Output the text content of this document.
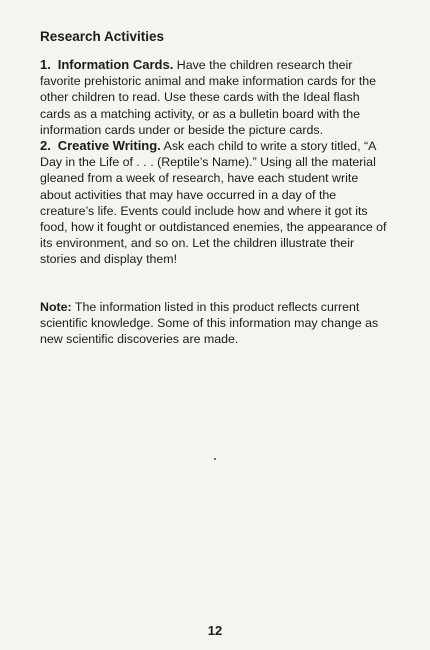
Research Activities

1. Information Cards. Have the children research their favorite prehistoric animal and make information cards for the other children to read. Use these cards with the Ideal flash cards as a matching activity, or as a bulletin board with the information cards under or beside the picture cards.

2. Creative Writing. Ask each child to write a story titled, “A Day in the Life of . . . (Reptile’s Name).” Using all the material gleaned from a week of research, have each student write about activities that may have occurred in a day of the creature’s life. Events could include how and where it got its food, how it fought or outdistanced enemies, the appearance of its environment, and so on. Let the children illustrate their stories and display them!

Note: The information listed in this product reflects current scientific knowledge. Some of this information may change as new scientific discoveries are made.

12
